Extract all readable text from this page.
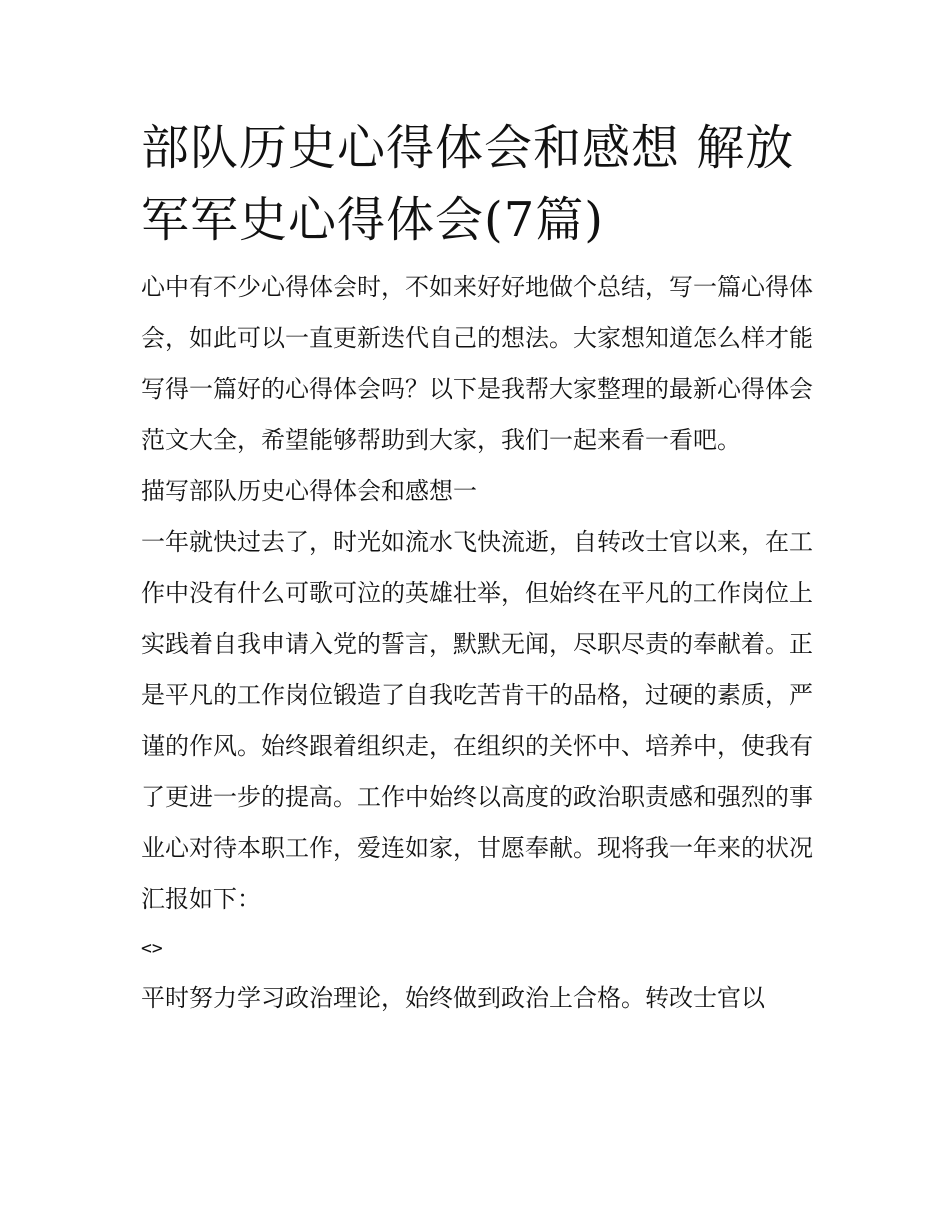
部队历史心得体会和感想 解放军军史心得体会(7篇)

心中有不少心得体会时，不如来好好地做个总结，写一篇心得体会，如此可以一直更新迭代自己的想法。大家想知道怎么样才能写得一篇好的心得体会吗？以下是我帮大家整理的最新心得体会范文大全，希望能够帮助到大家，我们一起来看一看吧。

描写部队历史心得体会和感想一

一年就快过去了，时光如流水飞快流逝，自转改士官以来，在工作中没有什么可歌可泣的英雄壮举，但始终在平凡的工作岗位上实践着自我申请入党的誓言，默默无闻，尽职尽责的奉献着。正是平凡的工作岗位锻造了自我吃苦肯干的品格，过硬的素质，严谨的作风。始终跟着组织走，在组织的关怀中、培养中，使我有了更进一步的提高。工作中始终以高度的政治职责感和强烈的事业心对待本职工作，爱连如家，甘愿奉献。现将我一年来的状况汇报如下：

<>

平时努力学习政治理论，始终做到政治上合格。转改士官以
